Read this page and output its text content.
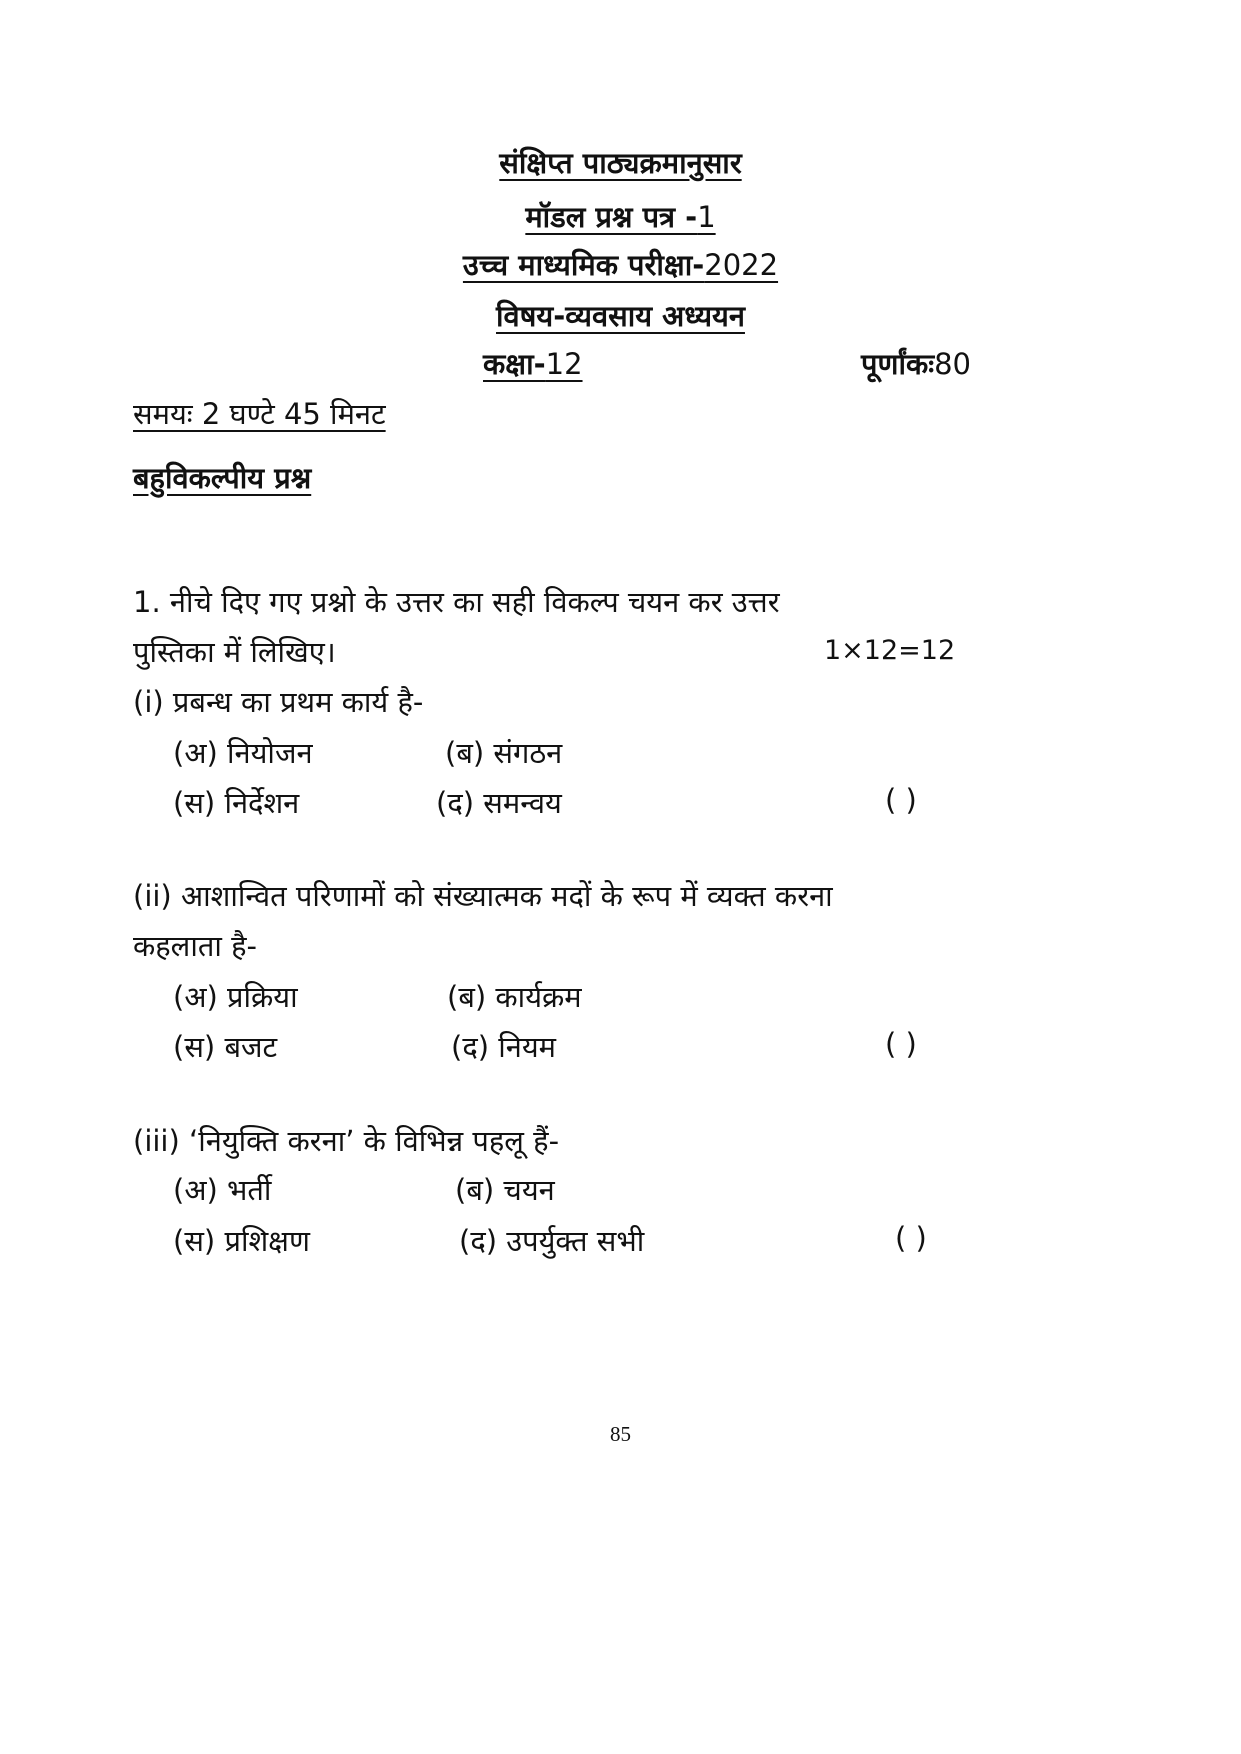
संक्षिप्त पाठ्यक्रमानुसार
मॉडल प्रश्न पत्र -1
उच्च माध्यमिक परीक्षा-2022
विषय-व्यवसाय अध्ययन
कक्षा-12	पूर्णांकः80
समयः 2 घण्टे 45 मिनट
बहुविकल्पीय प्रश्न
1. नीचे दिए गए प्रश्नो के उत्तर का सही विकल्प चयन कर उत्तर
पुस्तिका में लिखिए।	1×12=12
(i) प्रबन्ध का प्रथम कार्य है-
(अ) नियोजन	(ब) संगठन
(स) निर्देशन	(द) समन्वय	( )
(ii) आशान्वित परिणामों को संख्यात्मक मदों के रूप में व्यक्त करना
कहलाता है-
(अ) प्रक्रिया	(ब) कार्यक्रम
(स) बजट	(द) नियम	( )
(iii) ‘नियुक्ति करना’ के विभिन्न पहलू हैं-
(अ) भर्ती	(ब) चयन
(स) प्रशिक्षण	(द) उपर्युक्त सभी	( )
85
